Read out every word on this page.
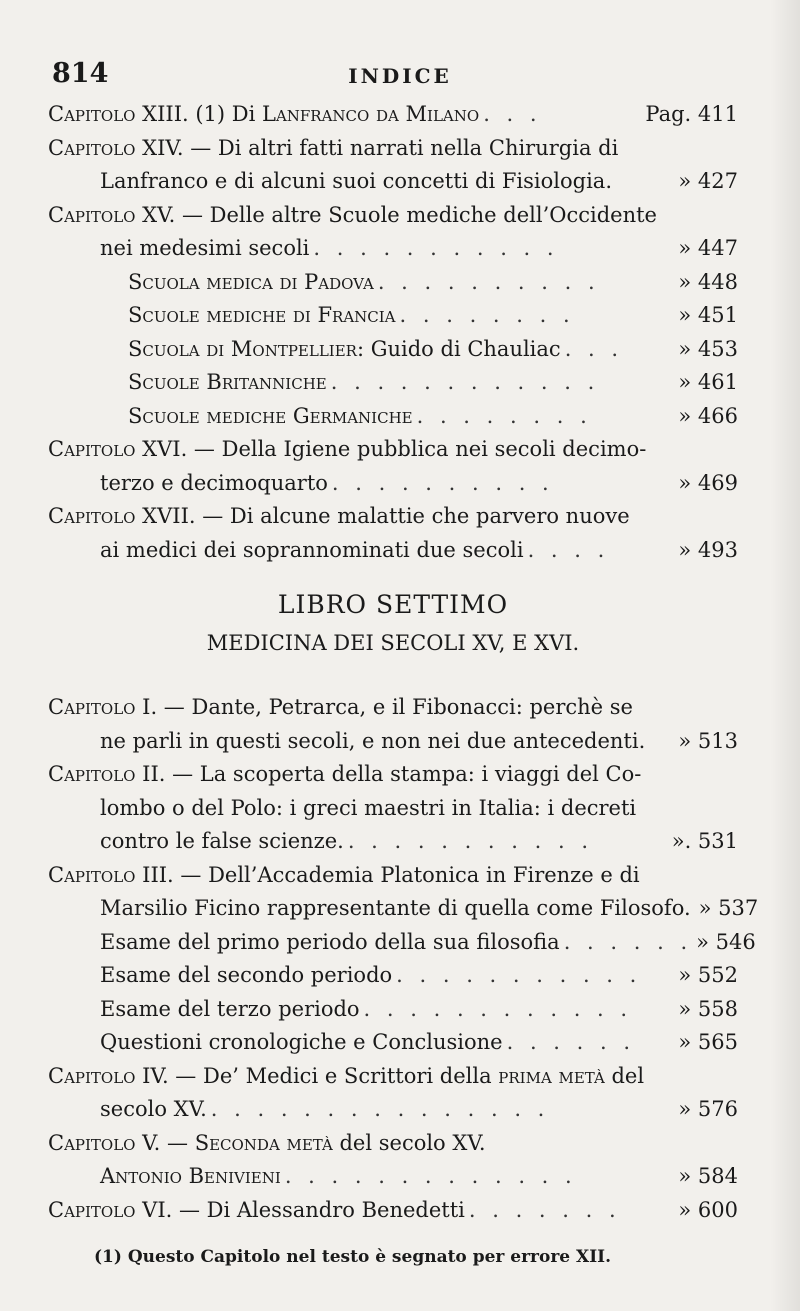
814	INDICE
Capitolo XIII. (1) Di Lanfranco da Milano . . .	Pag. 411
Capitolo XIV. — Di altri fatti narrati nella Chirurgia di
Lanfranco e di alcuni suoi concetti di Fisiologia.	» 427
Capitolo XV. — Delle altre Scuole mediche dell’Occidente
nei medesimi secoli . . . . . . . . . . .	» 447
Scuola medica di Padova . . . . . . . . . .	» 448
Scuole mediche di Francia . . . . . . . .	» 451
Scuola di Montpellier: Guido di Chauliac . . .	» 453
Scuole Britanniche . . . . . . . . . . . .	» 461
Scuole mediche Germaniche . . . . . . . .	» 466
Capitolo XVI. — Della Igiene pubblica nei secoli decimo-
terzo e decimoquarto . . . . . . . . . .	» 469
Capitolo XVII. — Di alcune malattie che parvero nuove
ai medici dei soprannominati due secoli . . . .	» 493
LIBRO SETTIMO
MEDICINA DEI SECOLI XV, E XVI.
Capitolo I. — Dante, Petrarca, e il Fibonacci: perchè se
ne parli in questi secoli, e non nei due antecedenti. » 513
Capitolo II. — La scoperta della stampa: i viaggi del Co-
lombo o del Polo: i greci maestri in Italia: i decreti
contro le false scienze. . . . . . . . . . . .	». 531
Capitolo III. — Dell’Accademia Platonica in Firenze e di
Marsilio Ficino rappresentante di quella come Filosofo. » 537
Esame del primo periodo della sua filosofia . . . . . . » 546
Esame del secondo periodo . . . . . . . . . . .	» 552
Esame del terzo periodo . . . . . . . . . . . .	» 558
Questioni cronologiche e Conclusione . . . . . .	» 565
Capitolo IV. — De’ Medici e Scrittori della prima metà del
secolo XV. . . . . . . . . . . . . . . .	» 576
Capitolo V. — Seconda metà del secolo XV.
Antonio Benivieni . . . . . . . . . . . . .	» 584
Capitolo VI. — Di Alessandro Benedetti . . . . . . .	» 600
(1) Questo Capitolo nel testo è segnato per errore XII.
